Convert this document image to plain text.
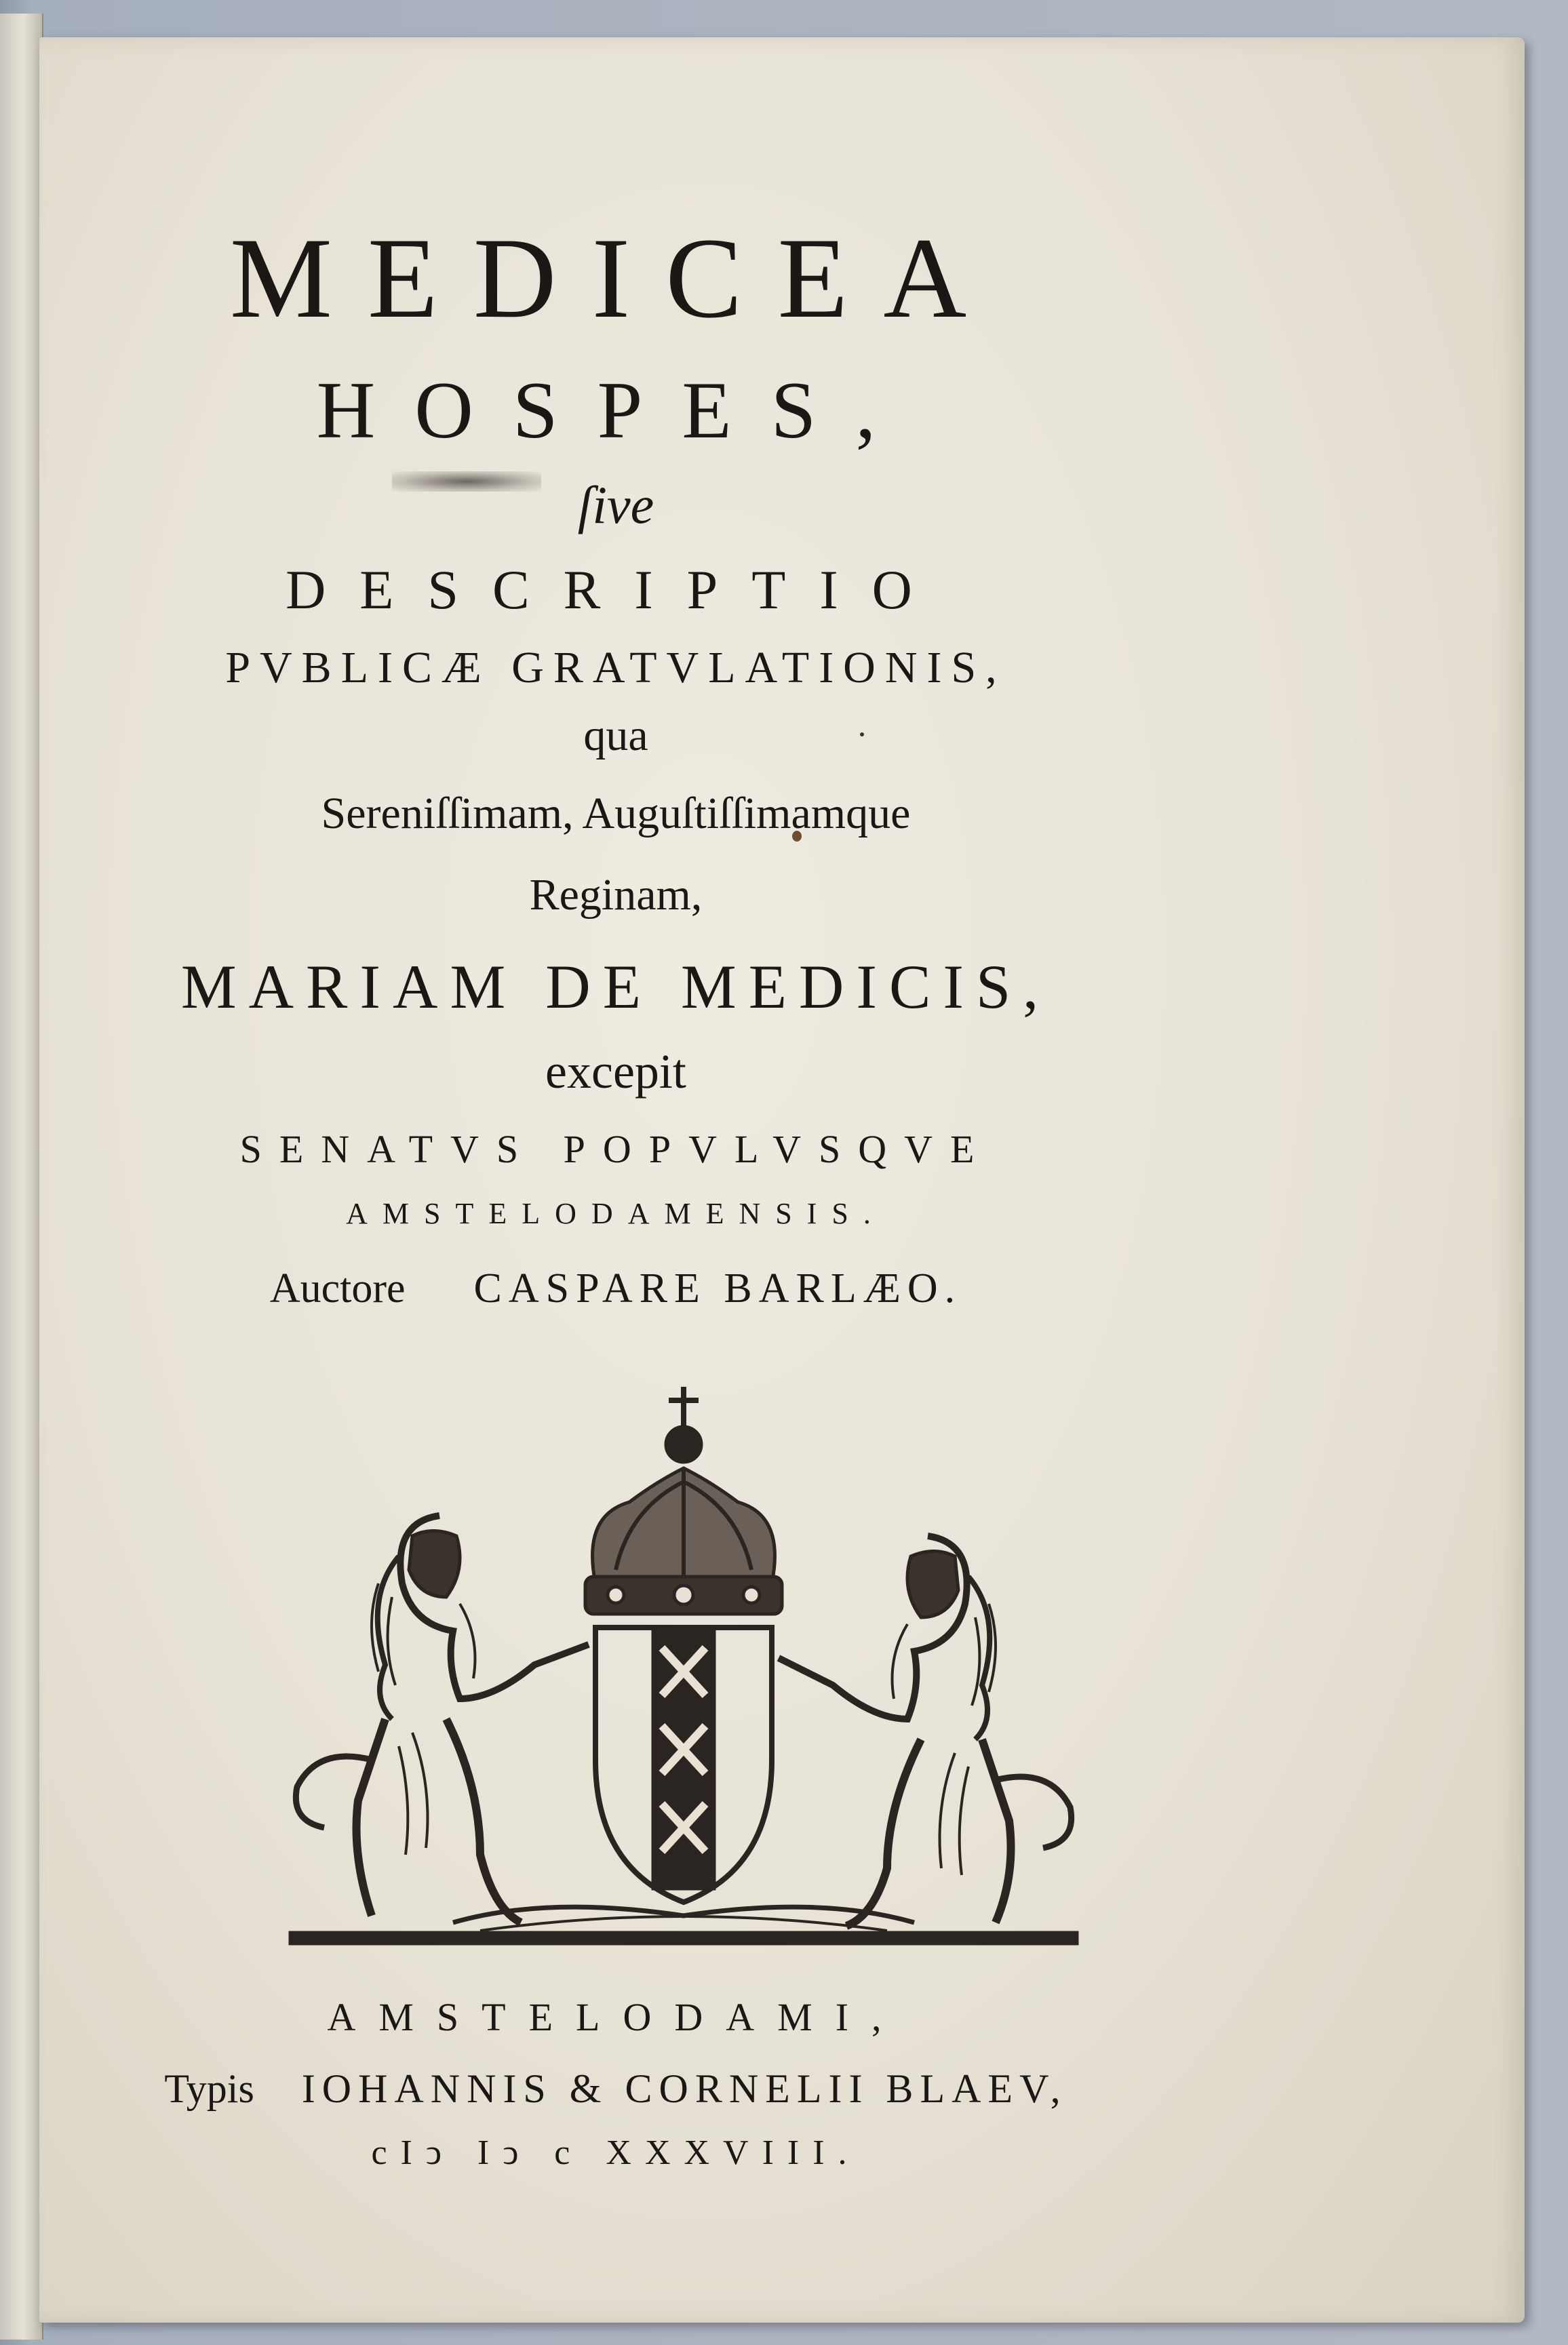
MEDICEA
HOSPES,
ſive
DESCRIPTIO
PVBLICÆ GRATVLATIONIS,
qua
Sereniſſimam, Auguſtiſſimamque
Reginam,
MARIAM DE MEDICIS,
excepit
SENATVS POPVLVSQVE
AMSTELODAMENSIS.
Auctore CASPARE BARLÆO.
AMSTELODAMI,
Typis IOHANNIS & CORNELII BLAEV,
cIↄ Iↄ c XXXVIII.
